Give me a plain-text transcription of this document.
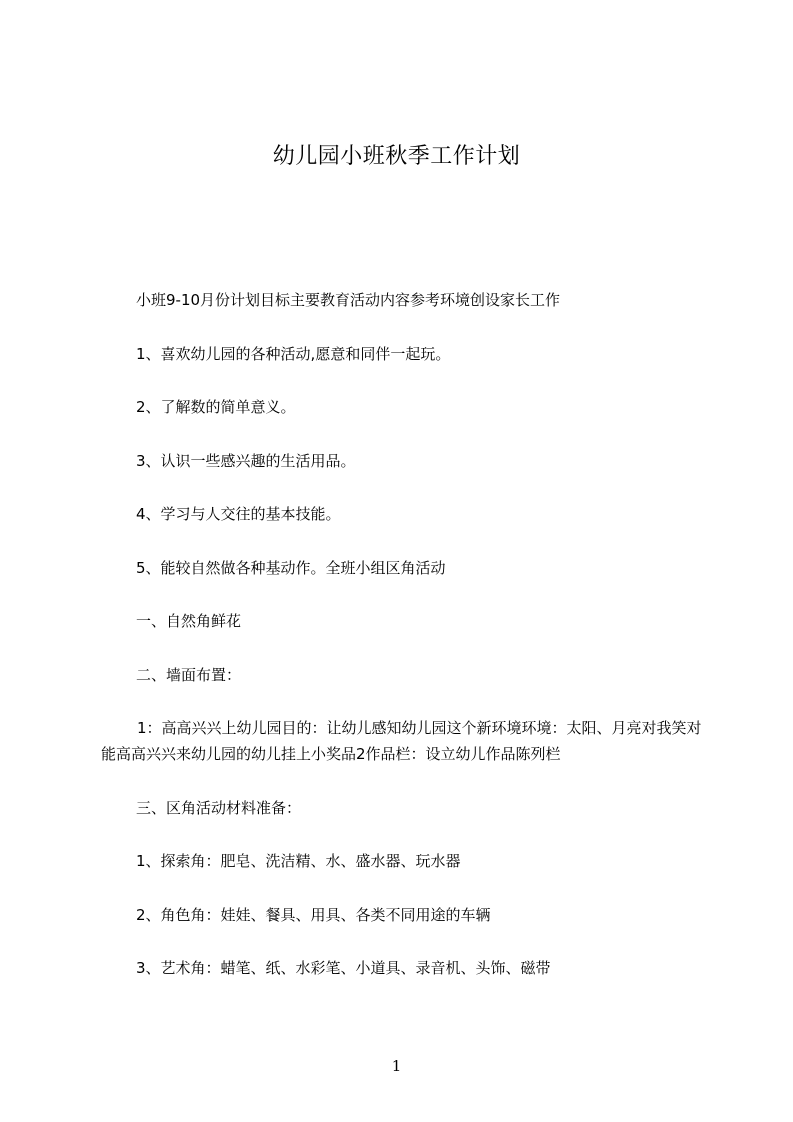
幼儿园小班秋季工作计划

小班9-10月份计划目标主要教育活动内容参考环境创设家长工作

1、喜欢幼儿园的各种活动,愿意和同伴一起玩。

2、了解数的简单意义。

3、认识一些感兴趣的生活用品。

4、学习与人交往的基本技能。

5、能较自然做各种基动作。全班小组区角活动

一、自然角鲜花

二、墙面布置：

1：高高兴兴上幼儿园目的：让幼儿感知幼儿园这个新环境环境：太阳、月亮对我笑对能高高兴兴来幼儿园的幼儿挂上小奖品2作品栏：设立幼儿作品陈列栏

三、区角活动材料准备：

1、探索角：肥皂、洗洁精、水、盛水器、玩水器

2、角色角：娃娃、餐具、用具、各类不同用途的车辆

3、艺术角：蜡笔、纸、水彩笔、小道具、录音机、头饰、磁带

1
